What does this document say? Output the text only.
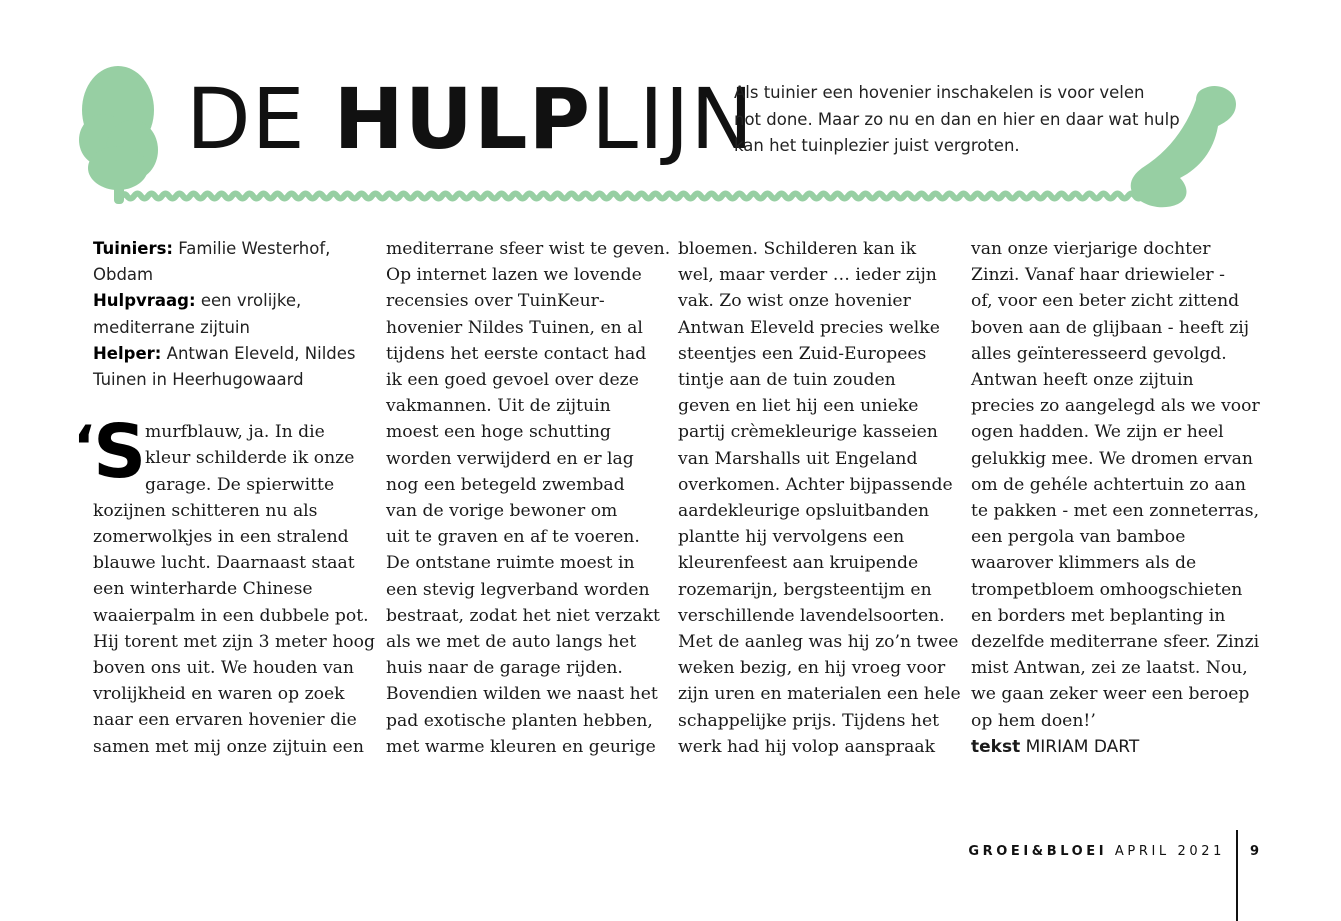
DE HULPLIJN
Als tuinier een hovenier inschakelen is voor velen
not done. Maar zo nu en dan en hier en daar wat hulp
kan het tuinplezier juist vergroten.
Tuiniers: Familie Westerhof,
Obdam
Hulpvraag: een vrolijke,
mediterrane zijtuin
Helper: Antwan Eleveld, Nildes
Tuinen in Heerhugowaard
‘S
murfblauw, ja. In die
kleur schilderde ik onze
garage. De spierwitte
kozijnen schitteren nu als
zomerwolkjes in een stralend
blauwe lucht. Daarnaast staat
een winterharde Chinese
waaierpalm in een dubbele pot.
Hij torent met zijn 3 meter hoog
boven ons uit. We houden van
vrolijkheid en waren op zoek
naar een ervaren hovenier die
samen met mij onze zijtuin een
mediterrane sfeer wist te geven.
Op internet lazen we lovende
recensies over TuinKeur-
hovenier Nildes Tuinen, en al
tijdens het eerste contact had
ik een goed gevoel over deze
vakmannen. Uit de zijtuin
moest een hoge schutting
worden verwijderd en er lag
nog een betegeld zwembad
van de vorige bewoner om
uit te graven en af te voeren.
De ontstane ruimte moest in
een stevig legverband worden
bestraat, zodat het niet verzakt
als we met de auto langs het
huis naar de garage rijden.
Bovendien wilden we naast het
pad exotische planten hebben,
met warme kleuren en geurige
bloemen. Schilderen kan ik
wel, maar verder … ieder zijn
vak. Zo wist onze hovenier
Antwan Eleveld precies welke
steentjes een Zuid-Europees
tintje aan de tuin zouden
geven en liet hij een unieke
partij crèmekleurige kasseien
van Marshalls uit Engeland
overkomen. Achter bijpassende
aardekleurige opsluitbanden
plantte hij vervolgens een
kleurenfeest aan kruipende
rozemarijn, bergsteentijm en
verschillende lavendelsoorten.
Met de aanleg was hij zo’n twee
weken bezig, en hij vroeg voor
zijn uren en materialen een hele
schappelijke prijs. Tijdens het
werk had hij volop aanspraak
van onze vierjarige dochter
Zinzi. Vanaf haar driewieler -
of, voor een beter zicht zittend
boven aan de glijbaan - heeft zij
alles geïnteresseerd gevolgd.
Antwan heeft onze zijtuin
precies zo aangelegd als we voor
ogen hadden. We zijn er heel
gelukkig mee. We dromen ervan
om de gehéle achtertuin zo aan
te pakken - met een zonneterras,
een pergola van bamboe
waarover klimmers als de
trompetbloem omhoogschieten
en borders met beplanting in
dezelfde mediterrane sfeer. Zinzi
mist Antwan, zei ze laatst. Nou,
we gaan zeker weer een beroep
op hem doen!’
tekst MIRIAM DART
GROEI&BLOEI APRIL 2021 9
